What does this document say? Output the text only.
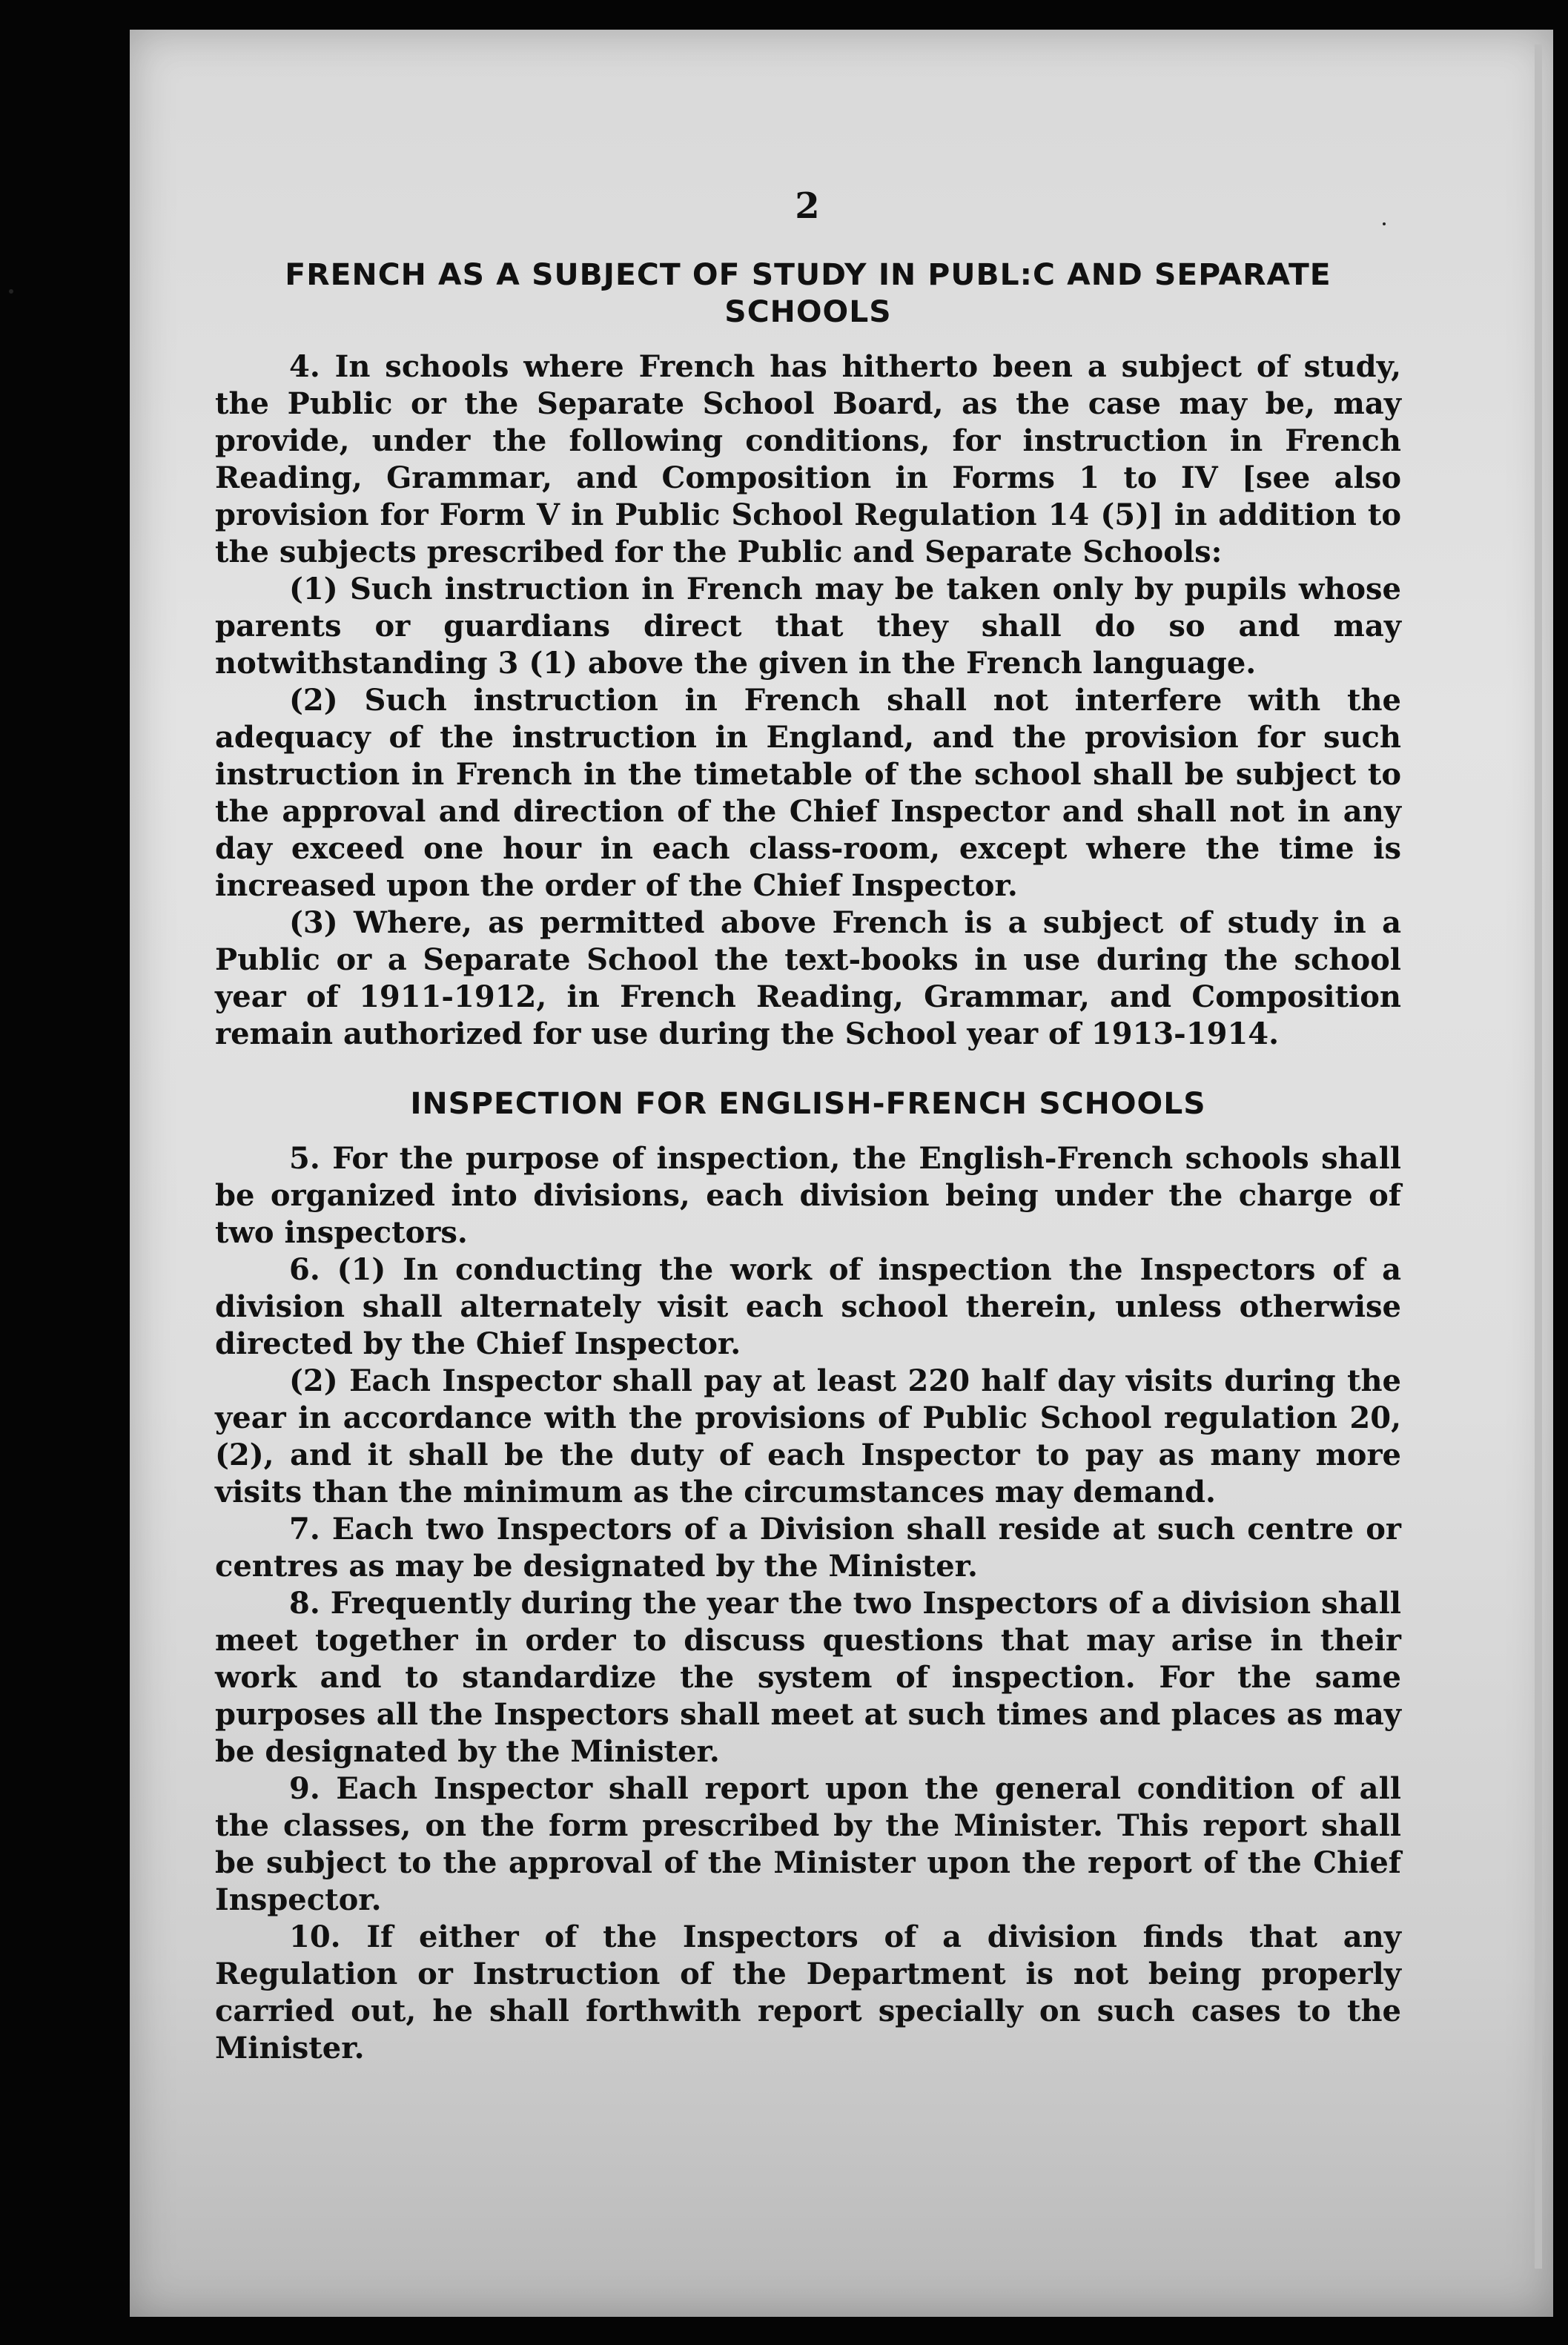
2
FRENCH AS A SUBJECT OF STUDY IN PUBL:C AND SEPARATE SCHOOLS

4. In schools where French has hitherto been a subject of study, the Public or the Separate School Board, as the case may be, may provide, under the following conditions, for instruction in French Reading, Grammar, and Composition in Forms 1 to IV [see also provision for Form V in Public School Regulation 14 (5)] in addition to the subjects prescribed for the Public and Separate Schools:

(1) Such instruction in French may be taken only by pupils whose parents or guardians direct that they shall do so and may notwithstanding 3 (1) above the given in the French language.

(2) Such instruction in French shall not interfere with the adequacy of the instruction in England, and the provision for such instruction in French in the timetable of the school shall be subject to the approval and direction of the Chief Inspector and shall not in any day exceed one hour in each class-room, except where the time is increased upon the order of the Chief Inspector.

(3) Where, as permitted above French is a subject of study in a Public or a Separate School the text-books in use during the school year of 1911-1912, in French Reading, Grammar, and Composition remain authorized for use during the School year of 1913-1914.

INSPECTION FOR ENGLISH-FRENCH SCHOOLS

5. For the purpose of inspection, the English-French schools shall be organized into divisions, each division being under the charge of two inspectors.

6. (1) In conducting the work of inspection the Inspectors of a division shall alternately visit each school therein, unless otherwise directed by the Chief Inspector.

(2) Each Inspector shall pay at least 220 half day visits during the year in accordance with the provisions of Public School regulation 20, (2), and it shall be the duty of each Inspector to pay as many more visits than the minimum as the circumstances may demand.

7. Each two Inspectors of a Division shall reside at such centre or centres as may be designated by the Minister.

8. Frequently during the year the two Inspectors of a division shall meet together in order to discuss questions that may arise in their work and to standardize the system of inspection. For the same purposes all the Inspectors shall meet at such times and places as may be designated by the Minister.

9. Each Inspector shall report upon the general condition of all the classes, on the form prescribed by the Minister. This report shall be subject to the approval of the Minister upon the report of the Chief Inspector.

10. If either of the Inspectors of a division finds that any Regulation or Instruction of the Department is not being properly carried out, he shall forthwith report specially on such cases to the Minister.
